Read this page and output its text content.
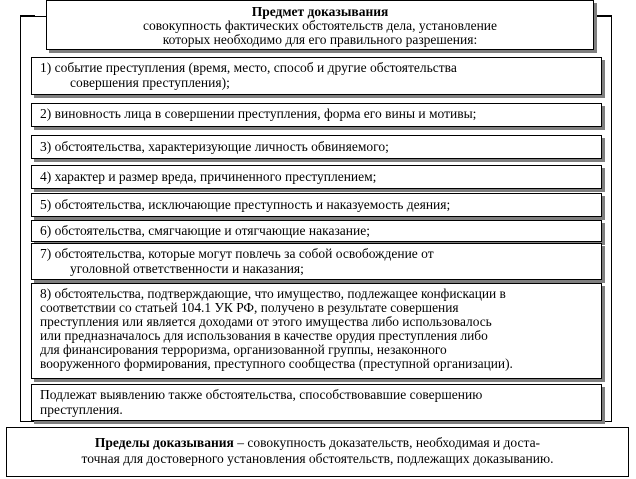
Предмет доказывания
совокупность фактических обстоятельств дела, установление
которых необходимо для его правильного разрешения:
1) событие преступления (время, место, способ и другие обстоятельства
совершения преступления);
2) виновность лица в совершении преступления, форма его вины и мотивы;
3) обстоятельства, характеризующие личность обвиняемого;
4) характер и размер вреда, причиненного преступлением;
5) обстоятельства, исключающие преступность и наказуемость деяния;
6) обстоятельства, смягчающие и отягчающие наказание;
7) обстоятельства, которые могут повлечь за собой освобождение от
уголовной ответственности и наказания;
8) обстоятельства, подтверждающие, что имущество, подлежащее конфискации в
соответствии со статьей 104.1 УК РФ, получено в результате совершения
преступления или является доходами от этого имущества либо использовалось
или предназначалось для использования в качестве орудия преступления либо
для финансирования терроризма, организованной группы, незаконного
вооруженного формирования, преступного сообщества (преступной организации).
Подлежат выявлению также обстоятельства, способствовавшие совершению
преступления.
Пределы доказывания – совокупность доказательств, необходимая и доста-
точная для достоверного установления обстоятельств, подлежащих доказыванию.
